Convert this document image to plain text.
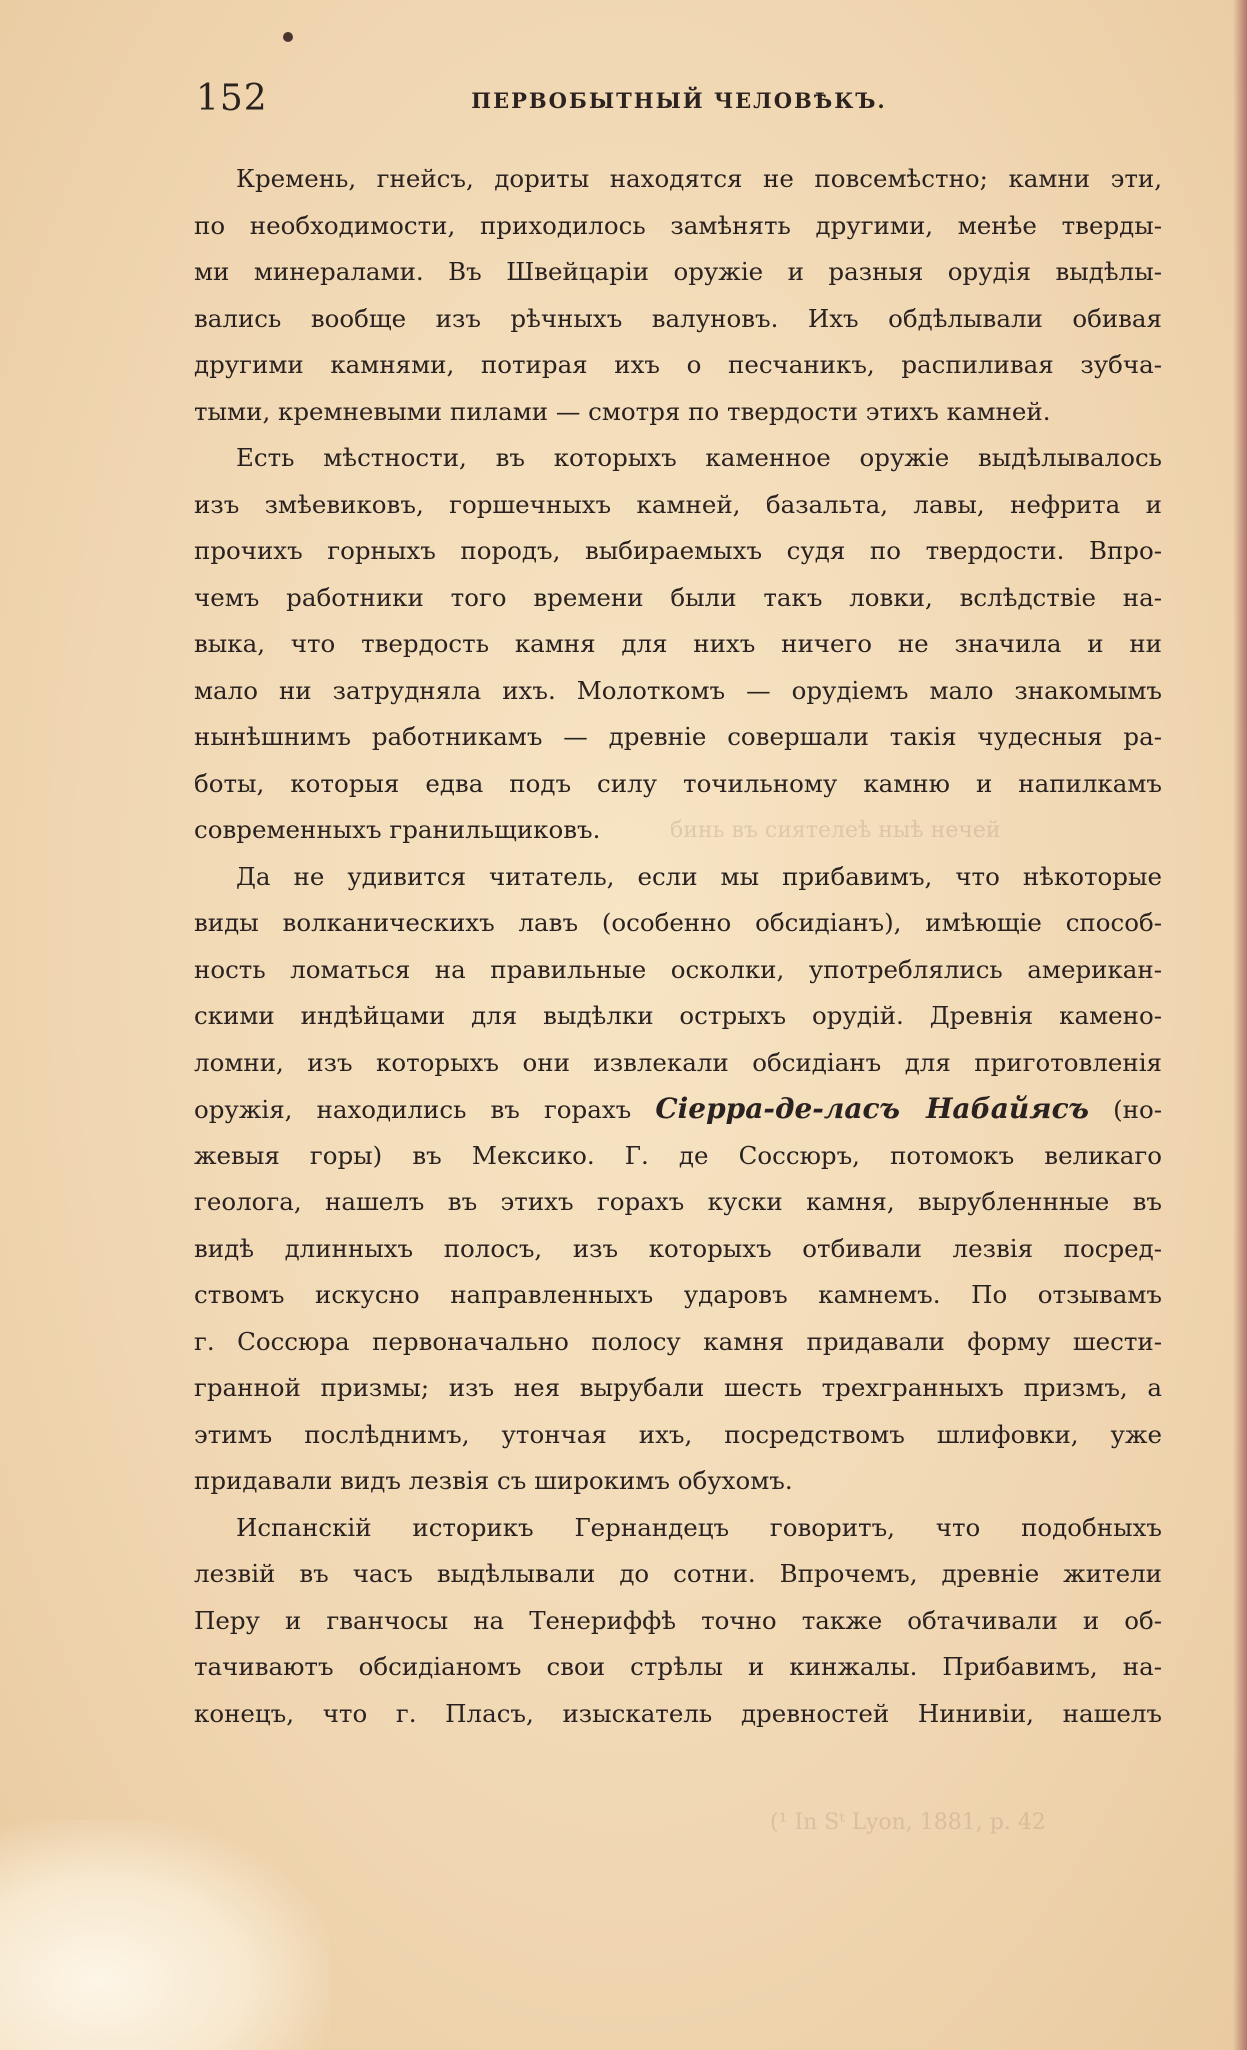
бинь въ сиятелеѣ ныѣ нечей
(¹ In Sᵗ Lyon, 1881, p. 42
152	ПЕРВОБЫТНЫЙ ЧЕЛОВѢКЪ.
Кремень, гнейсъ, дориты находятся не повсемѣстно; камни эти,
по необходимости, приходилось замѣнять другими, менѣе тверды-
ми минералами. Въ Швейцаріи оружіе и разныя орудія выдѣлы-
вались вообще изъ рѣчныхъ валуновъ. Ихъ обдѣлывали обивая
другими камнями, потирая ихъ о песчаникъ, распиливая зубча-
тыми, кремневыми пилами — смотря по твердости этихъ камней.
Есть мѣстности, въ которыхъ каменное оружіе выдѣлывалось
изъ змѣевиковъ, горшечныхъ камней, базальта, лавы, нефрита и
прочихъ горныхъ породъ, выбираемыхъ судя по твердости. Впро-
чемъ работники того времени были такъ ловки, вслѣдствіе на-
выка, что твердость камня для нихъ ничего не значила и ни
мало ни затрудняла ихъ. Молоткомъ — орудіемъ мало знакомымъ
нынѣшнимъ работникамъ — древніе совершали такія чудесныя ра-
боты, которыя едва подъ силу точильному камню и напилкамъ
современныхъ гранильщиковъ.
Да не удивится читатель, если мы прибавимъ, что нѣкоторые
виды волканическихъ лавъ (особенно обсидіанъ), имѣющіе способ-
ность ломаться на правильные осколки, употреблялись американ-
скими индѣйцами для выдѣлки острыхъ орудій. Древнія камено-
ломни, изъ которыхъ они извлекали обсидіанъ для приготовленія
оружія, находились въ горахъ Сіерра-де-ласъ Набайясъ (но-
жевыя горы) въ Мексико. Г. де Соссюръ, потомокъ великаго
геолога, нашелъ въ этихъ горахъ куски камня, вырубленнные въ
видѣ длинныхъ полосъ, изъ которыхъ отбивали лезвія посред-
ствомъ искусно направленныхъ ударовъ камнемъ. По отзывамъ
г. Соссюра первоначально полосу камня придавали форму шести-
гранной призмы; изъ нея вырубали шесть трехгранныхъ призмъ, а
этимъ послѣднимъ, утончая ихъ, посредствомъ шлифовки, уже
придавали видъ лезвія съ широкимъ обухомъ.
Испанскій историкъ Гернандецъ говоритъ, что подобныхъ
лезвій въ часъ выдѣлывали до сотни. Впрочемъ, древніе жители
Перу и гванчосы на Тенериффѣ точно также обтачивали и об-
тачиваютъ обсидіаномъ свои стрѣлы и кинжалы. Прибавимъ, на-
конецъ, что г. Пласъ, изыскатель древностей Нинивіи, нашелъ
